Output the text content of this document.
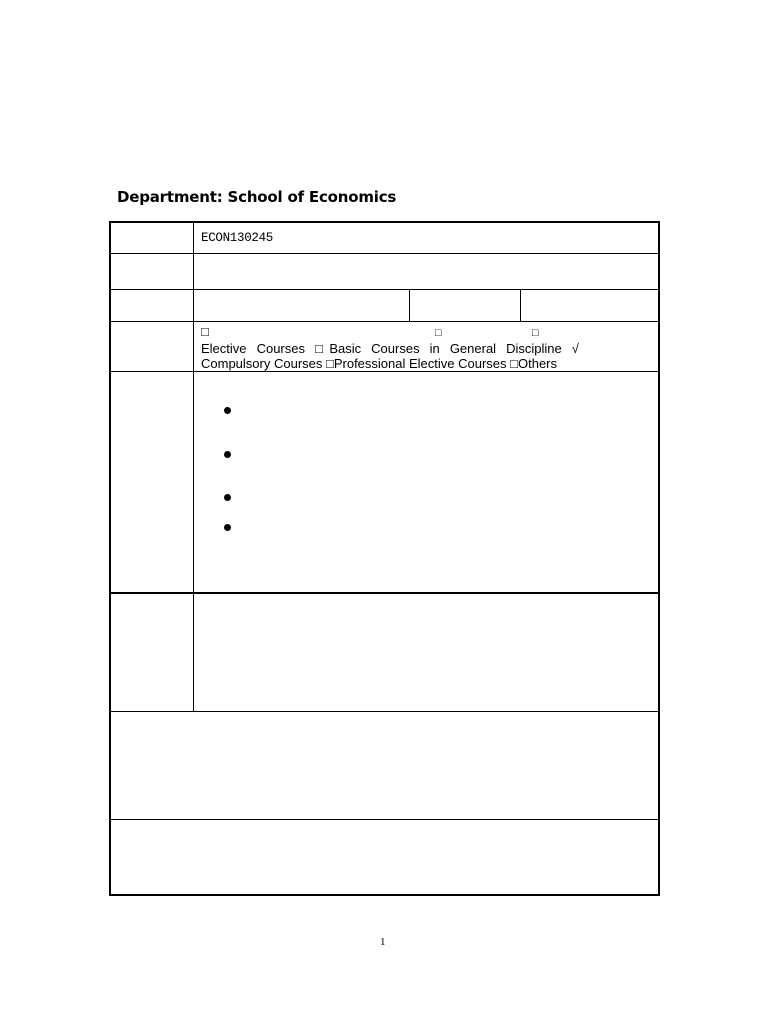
Department: School of Economics
ECON130245
□	□	□
Elective Courses □Basic Courses in General Discipline √
Compulsory Courses □Professional Elective Courses □Others
1
